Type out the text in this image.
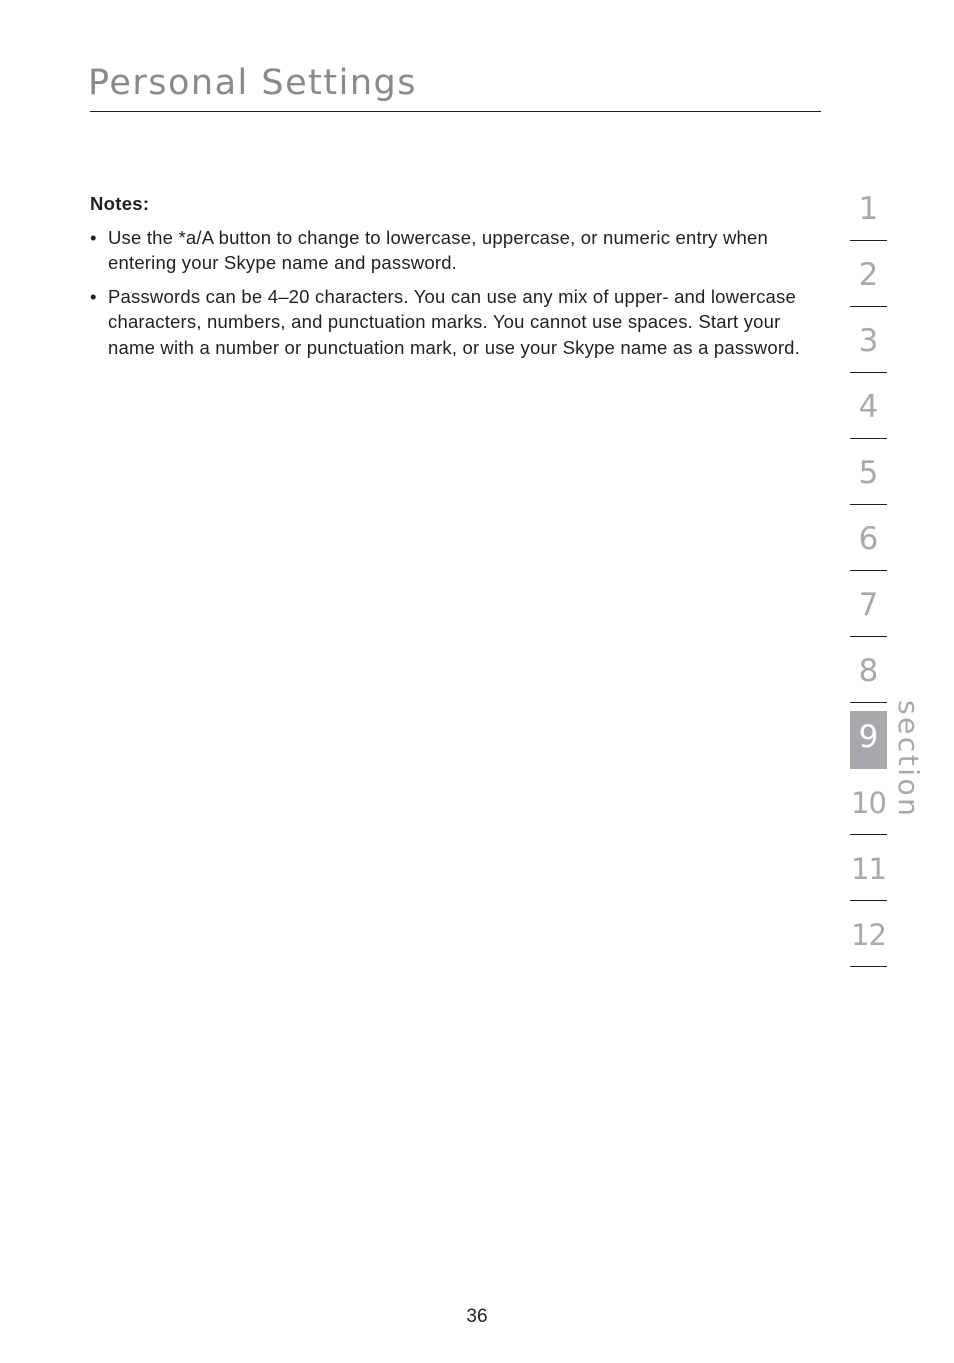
Personal Settings

Notes:

• Use the *a/A button to change to lowercase, uppercase, or numeric entry when entering your Skype name and password.
• Passwords can be 4–20 characters. You can use any mix of upper- and lowercase characters, numbers, and punctuation marks. You cannot use spaces. Start your name with a number or punctuation mark, or use your Skype name as a password.
1
2
3
4
5
6
7
8
9
10
11
12
section
36
